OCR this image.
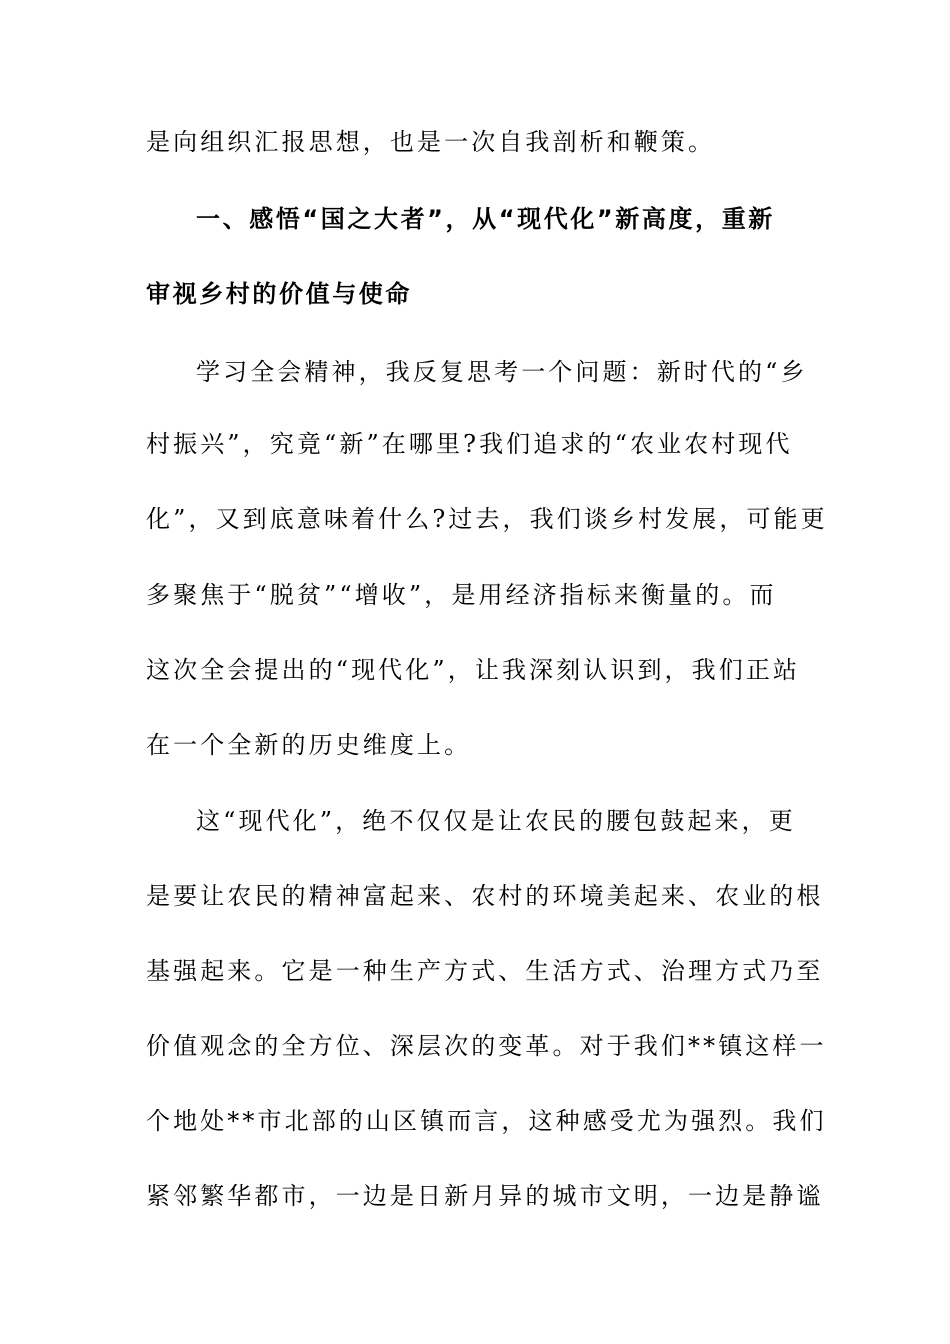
是向组织汇报思想，也是一次自我剖析和鞭策。
一、感悟“国之大者”，从“现代化”新高度，重新
审视乡村的价值与使命
学习全会精神，我反复思考一个问题：新时代的“乡
村振兴”，究竟“新”在哪里?我们追求的“农业农村现代
化”，又到底意味着什么?过去，我们谈乡村发展，可能更
多聚焦于“脱贫”“增收”，是用经济指标来衡量的。而
这次全会提出的“现代化”，让我深刻认识到，我们正站
在一个全新的历史维度上。
这“现代化”，绝不仅仅是让农民的腰包鼓起来，更
是要让农民的精神富起来、农村的环境美起来、农业的根
基强起来。它是一种生产方式、生活方式、治理方式乃至
价值观念的全方位、深层次的变革。对于我们**镇这样一
个地处**市北部的山区镇而言，这种感受尤为强烈。我们
紧邻繁华都市，一边是日新月异的城市文明，一边是静谧
